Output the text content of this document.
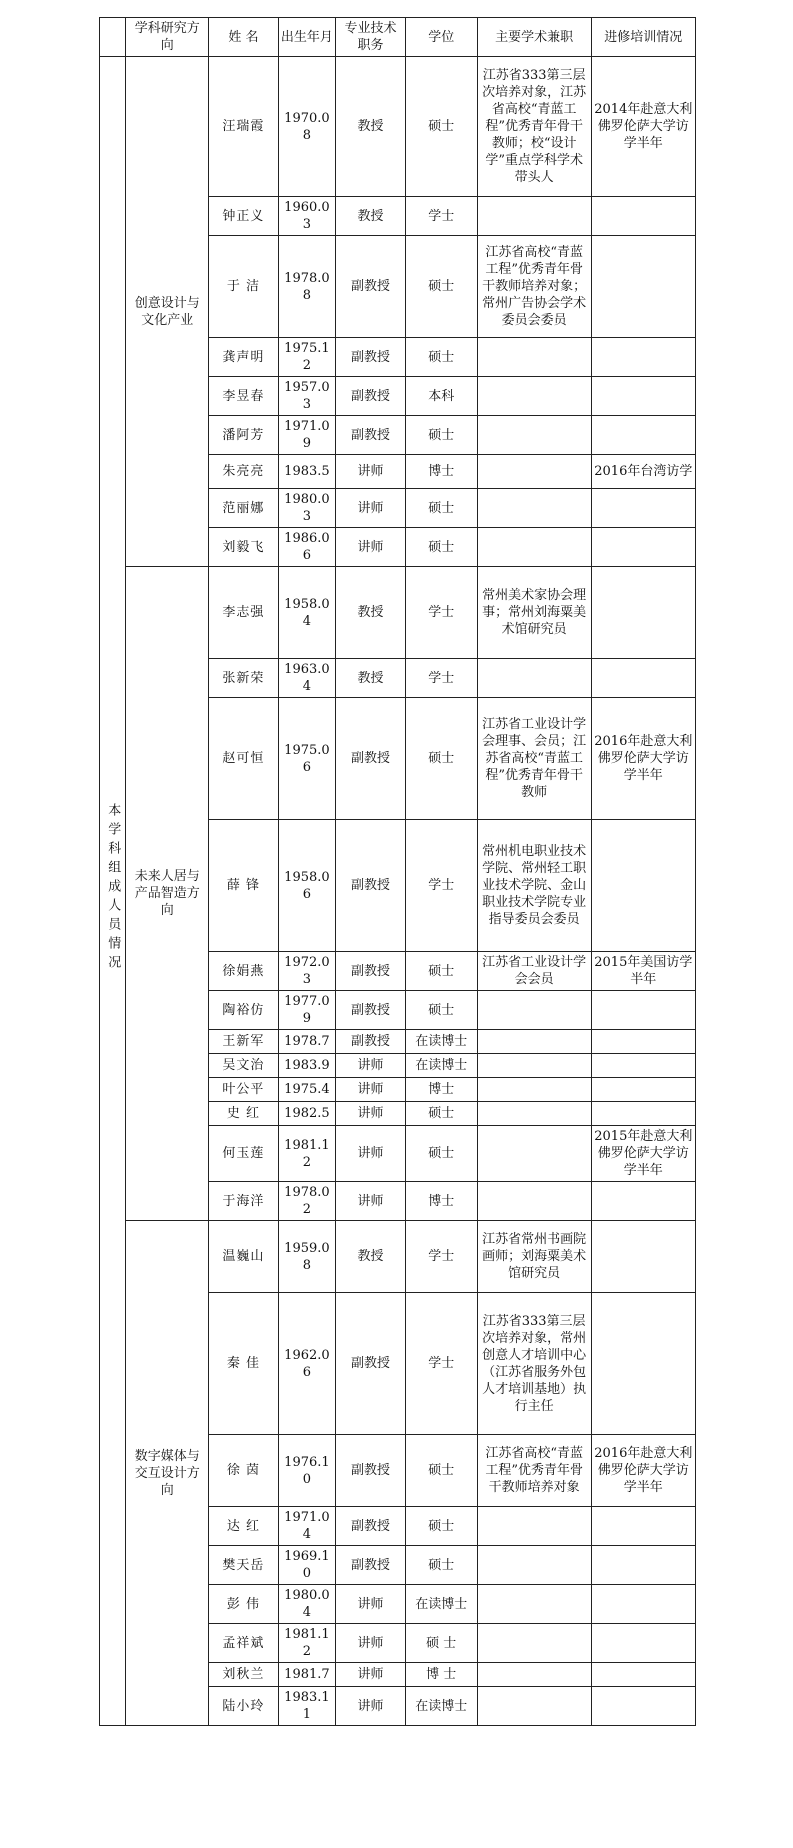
	学科研究方向	姓 名	出生年月	专业技术职务	学位	主要学术兼职	进修培训情况
本学科组成人员情况	创意设计与文化产业	汪瑞霞	1970.08	教授	硕士	江苏省333第三层次培养对象，江苏省高校“青蓝工程”优秀青年骨干教师；校“设计学”重点学科学术带头人	2014年赴意大利佛罗伦萨大学访学半年
		钟正义	1960.03	教授	学士		
		于 洁	1978.08	副教授	硕士	江苏省高校“青蓝工程”优秀青年骨干教师培养对象；常州广告协会学术委员会委员	
		龚声明	1975.12	副教授	硕士		
		李昱春	1957.03	副教授	本科		
		潘阿芳	1971.09	副教授	硕士		
		朱亮亮	1983.5	讲师	博士		2016年台湾访学
		范丽娜	1980.03	讲师	硕士		
		刘毅飞	1986.06	讲师	硕士		
	未来人居与产品智造方向	李志强	1958.04	教授	学士	常州美术家协会理事；常州刘海粟美术馆研究员	
		张新荣	1963.04	教授	学士		
		赵可恒	1975.06	副教授	硕士	江苏省工业设计学会理事、会员；江苏省高校“青蓝工程”优秀青年骨干教师	2016年赴意大利佛罗伦萨大学访学半年
		薛 锋	1958.06	副教授	学士	常州机电职业技术学院、常州轻工职业技术学院、金山职业技术学院专业指导委员会委员	
		徐娟燕	1972.03	副教授	硕士	江苏省工业设计学会会员	2015年美国访学半年
		陶裕仿	1977.09	副教授	硕士		
		王新军	1978.7	副教授	在读博士		
		吴文治	1983.9	讲师	在读博士		
		叶公平	1975.4	讲师	博士		
		史 红	1982.5	讲师	硕士		
		何玉莲	1981.12	讲师	硕士		2015年赴意大利佛罗伦萨大学访学半年
		于海洋	1978.02	讲师	博士		
	数字媒体与交互设计方向	温巍山	1959.08	教授	学士	江苏省常州书画院画师；刘海粟美术馆研究员	
		秦 佳	1962.06	副教授	学士	江苏省333第三层次培养对象，常州创意人才培训中心（江苏省服务外包人才培训基地）执行主任	
		徐 茵	1976.10	副教授	硕士	江苏省高校“青蓝工程”优秀青年骨干教师培养对象	2016年赴意大利佛罗伦萨大学访学半年
		达 红	1971.04	副教授	硕士		
		樊天岳	1969.10	副教授	硕士		
		彭 伟	1980.04	讲师	在读博士		
		孟祥斌	1981.12	讲师	硕 士		
		刘秋兰	1981.7	讲师	博 士		
		陆小玲	1983.11	讲师	在读博士		
